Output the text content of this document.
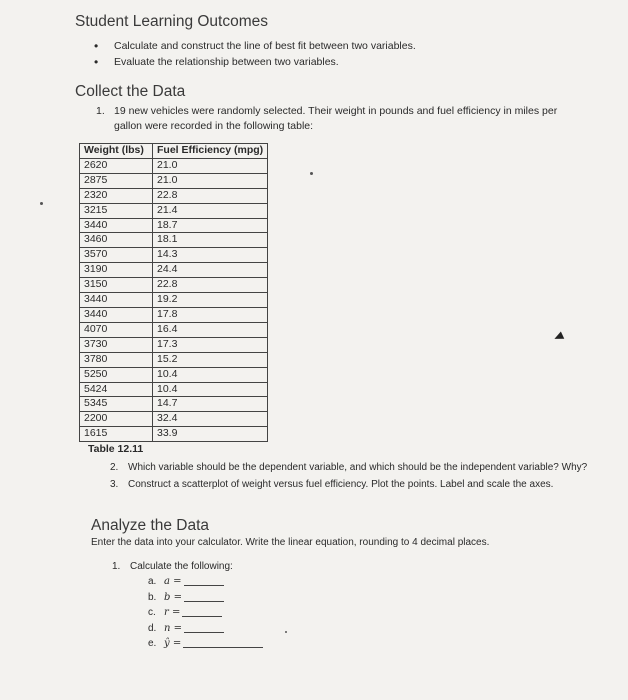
Student Learning Outcomes
• Calculate and construct the line of best fit between two variables.
• Evaluate the relationship between two variables.
Collect the Data
1. 19 new vehicles were randomly selected. Their weight in pounds and fuel efficiency in miles per gallon were recorded in the following table:
Weight (lbs)	Fuel Efficiency (mpg)
2620	21.0
2875	21.0
2320	22.8
3215	21.4
3440	18.7
3460	18.1
3570	14.3
3190	24.4
3150	22.8
3440	19.2
3440	17.8
4070	16.4
3730	17.3
3780	15.2
5250	10.4
5424	10.4
5345	14.7
2200	32.4
1615	33.9
Table 12.11
2. Which variable should be the dependent variable, and which should be the independent variable? Why?
3. Construct a scatterplot of weight versus fuel efficiency. Plot the points. Label and scale the axes.
Analyze the Data
Enter the data into your calculator. Write the linear equation, rounding to 4 decimal places.
1. Calculate the following:
a. a =
b. b =
c. r =
d. n =
e. ŷ =
